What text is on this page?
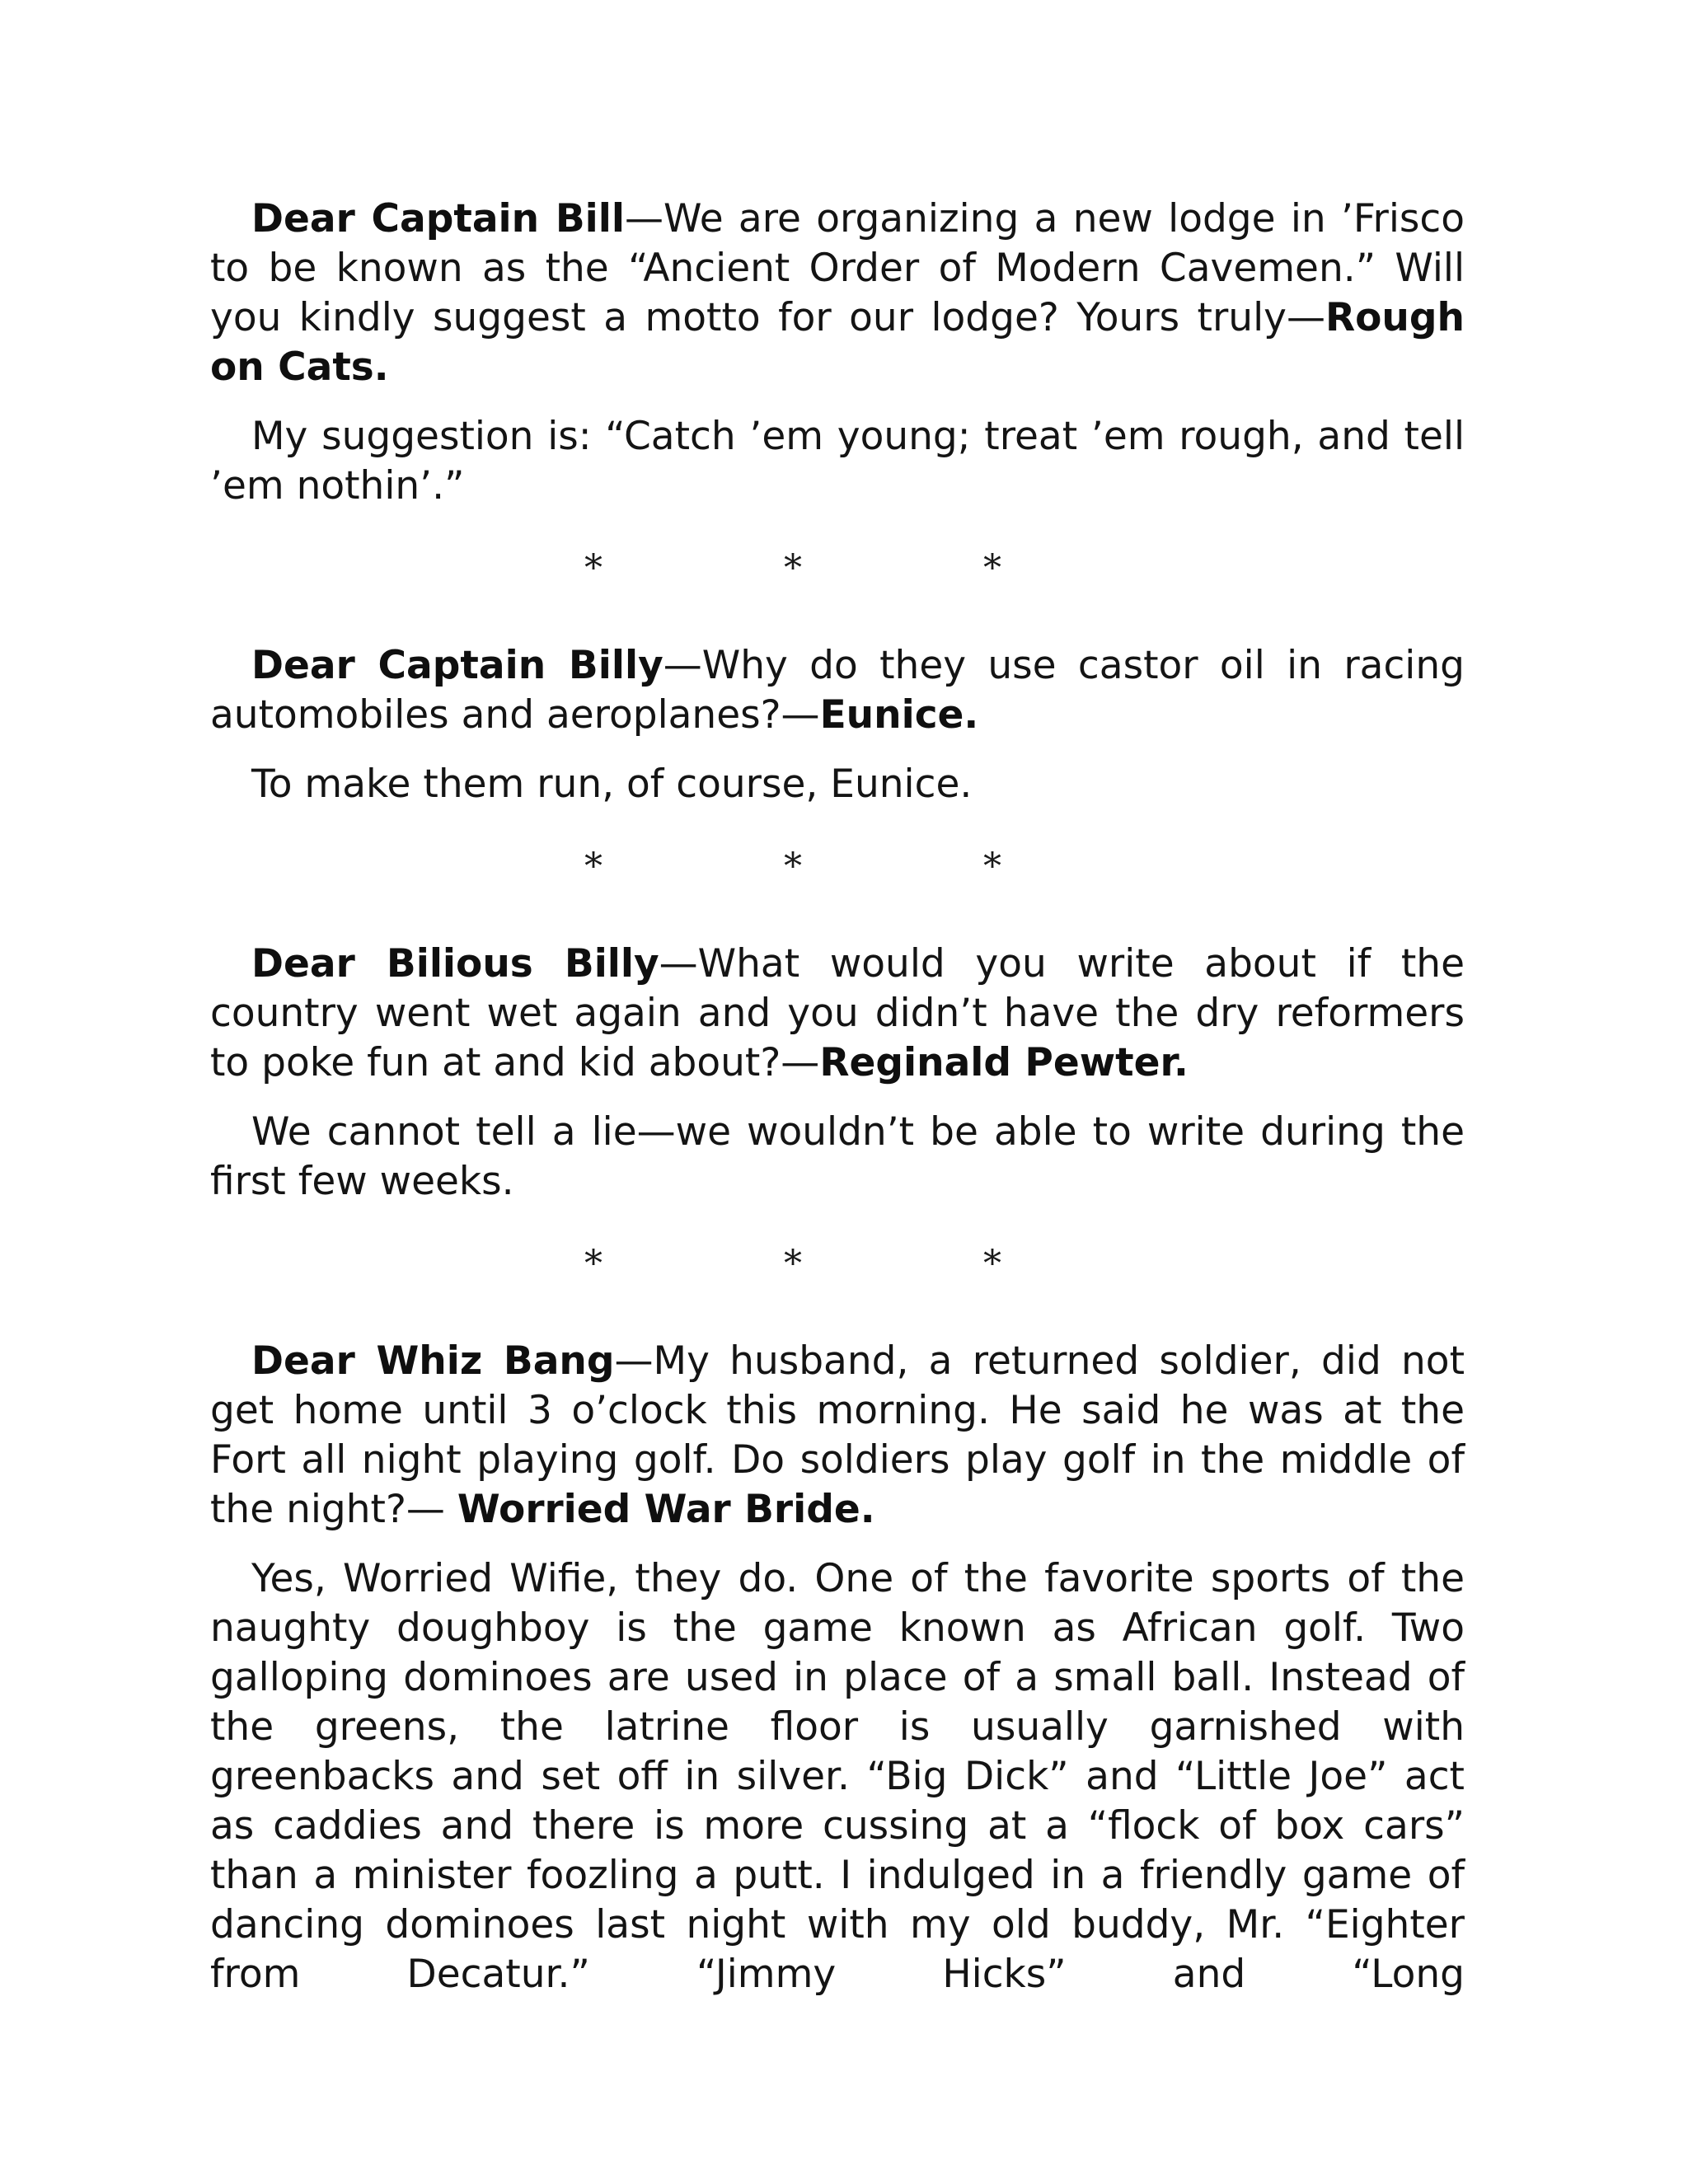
Dear Captain Bill—We are organizing a new lodge in ’Frisco to be known as the “Ancient Order of Modern Cavemen.” Will you kindly suggest a motto for our lodge? Yours truly—Rough on Cats.

My suggestion is: “Catch ’em young; treat ’em rough, and tell ’em nothin’.”

*	*	*

Dear Captain Billy—Why do they use castor oil in racing automobiles and aeroplanes?—Eunice.

To make them run, of course, Eunice.

*	*	*

Dear Bilious Billy—What would you write about if the country went wet again and you didn’t have the dry reformers to poke fun at and kid about?—Reginald Pewter.

We cannot tell a lie—we wouldn’t be able to write during the first few weeks.

*	*	*

Dear Whiz Bang—My husband, a returned soldier, did not get home until 3 o’clock this morning. He said he was at the Fort all night playing golf. Do soldiers play golf in the middle of the night?— Worried War Bride.

Yes, Worried Wifie, they do. One of the favorite sports of the naughty doughboy is the game known as African golf. Two galloping dominoes are used in place of a small ball. Instead of the greens, the latrine floor is usually garnished with greenbacks and set off in silver. “Big Dick” and “Little Joe” act as caddies and there is more cussing at a “flock of box cars” than a minister foozling a putt. I indulged in a friendly game of dancing dominoes last night with my old buddy, Mr. “Eighter from Decatur.” “Jimmy Hicks” and “Long
